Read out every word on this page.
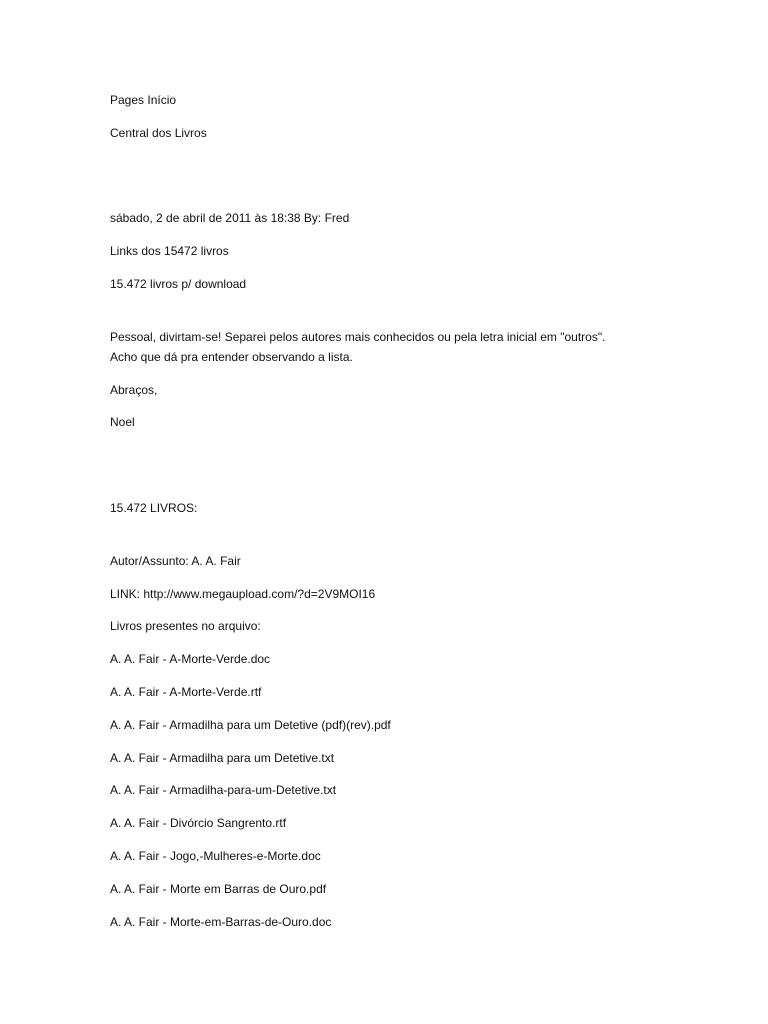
Pages Início
Central dos Livros
sábado, 2 de abril de 2011 às 18:38 By: Fred
Links dos 15472 livros
15.472 livros p/ download
Pessoal, divirtam-se! Separei pelos autores mais conhecidos ou pela letra inicial em "outros".
Acho que dá pra entender observando a lista.
Abraços,
Noel
15.472 LIVROS:
Autor/Assunto: A. A. Fair
LINK: http://www.megaupload.com/?d=2V9MOI16
Livros presentes no arquivo:
A. A. Fair - A-Morte-Verde.doc
A. A. Fair - A-Morte-Verde.rtf
A. A. Fair - Armadilha para um Detetive (pdf)(rev).pdf
A. A. Fair - Armadilha para um Detetive.txt
A. A. Fair - Armadilha-para-um-Detetive.txt
A. A. Fair - Divórcio Sangrento.rtf
A. A. Fair - Jogo,-Mulheres-e-Morte.doc
A. A. Fair - Morte em Barras de Ouro.pdf
A. A. Fair - Morte-em-Barras-de-Ouro.doc
